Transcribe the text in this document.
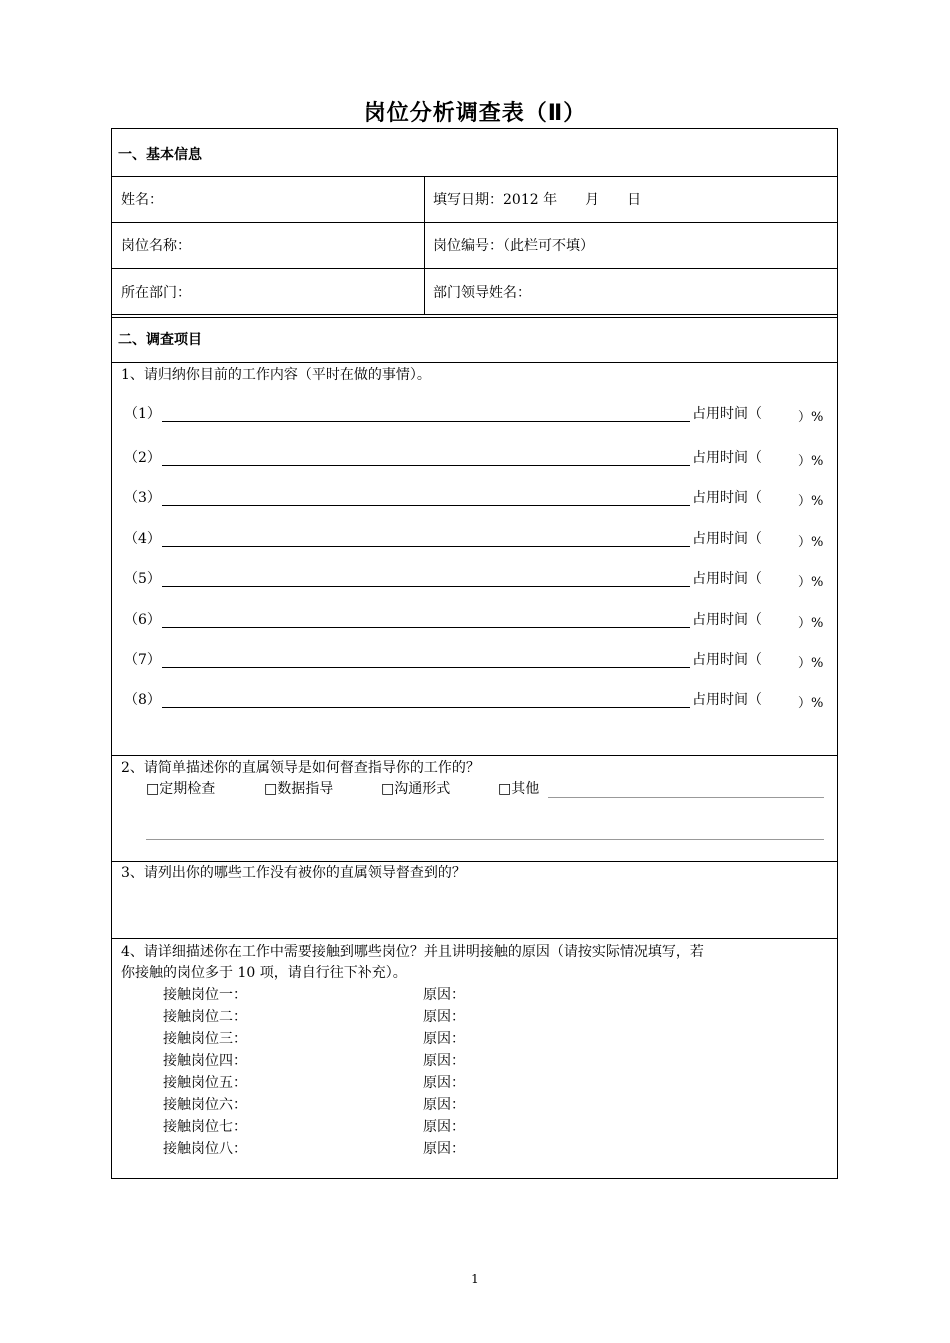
岗位分析调查表（Ⅱ）
一、基本信息
姓名：	填写日期：2012 年　　月　　日
岗位名称：	岗位编号：（此栏可不填）
所在部门：	部门领导姓名：
二、调查项目
1、请归纳你目前的工作内容（平时在做的事情）。
（1）	占用时间（	）%
（2）	占用时间（	）%
（3）	占用时间（	）%
（4）	占用时间（	）%
（5）	占用时间（	）%
（6）	占用时间（	）%
（7）	占用时间（	）%
（8）	占用时间（	）%
2、请简单描述你的直属领导是如何督查指导你的工作的？
□定期检查	□数据指导	□沟通形式	□其他
3、请列出你的哪些工作没有被你的直属领导督查到的？
4、请详细描述你在工作中需要接触到哪些岗位？并且讲明接触的原因（请按实际情况填写，若
你接触的岗位多于 10 项，请自行往下补充）。
接触岗位一：	原因：
接触岗位二：	原因：
接触岗位三：	原因：
接触岗位四：	原因：
接触岗位五：	原因：
接触岗位六：	原因：
接触岗位七：	原因：
接触岗位八：	原因：
1
